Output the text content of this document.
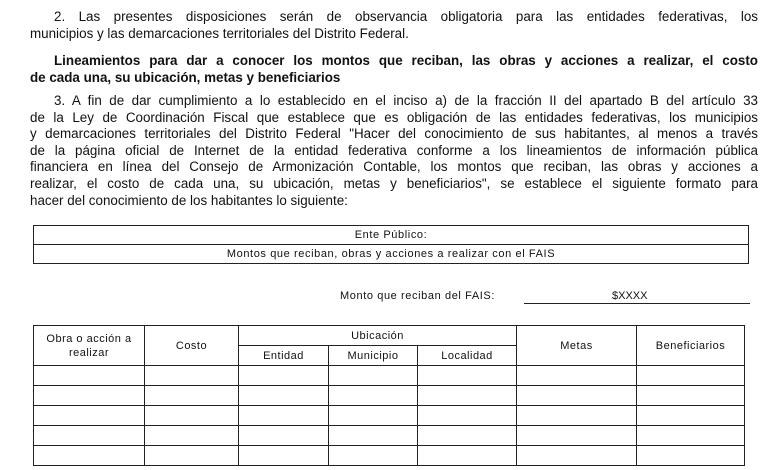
2. Las presentes disposiciones serán de observancia obligatoria para las entidades federativas, los
municipios y las demarcaciones territoriales del Distrito Federal.

Lineamientos para dar a conocer los montos que reciban, las obras y acciones a realizar, el costo
de cada una, su ubicación, metas y beneficiarios

3. A fin de dar cumplimiento a lo establecido en el inciso a) de la fracción II del apartado B del artículo 33
de la Ley de Coordinación Fiscal que establece que es obligación de las entidades federativas, los municipios
y demarcaciones territoriales del Distrito Federal "Hacer del conocimiento de sus habitantes, al menos a través
de la página oficial de Internet de la entidad federativa conforme a los lineamientos de información pública
financiera en línea del Consejo de Armonización Contable, los montos que reciban, las obras y acciones a
realizar, el costo de cada una, su ubicación, metas y beneficiarios", se establece el siguiente formato para
hacer del conocimiento de los habitantes lo siguiente:

Ente Público:
Montos que reciban, obras y acciones a realizar con el FAIS
Monto que reciban del FAIS:	$XXXX
Obra o acción a
realizar	Costo	Ubicación			Metas	Beneficiarios
		Entidad	Municipio	Localidad		
